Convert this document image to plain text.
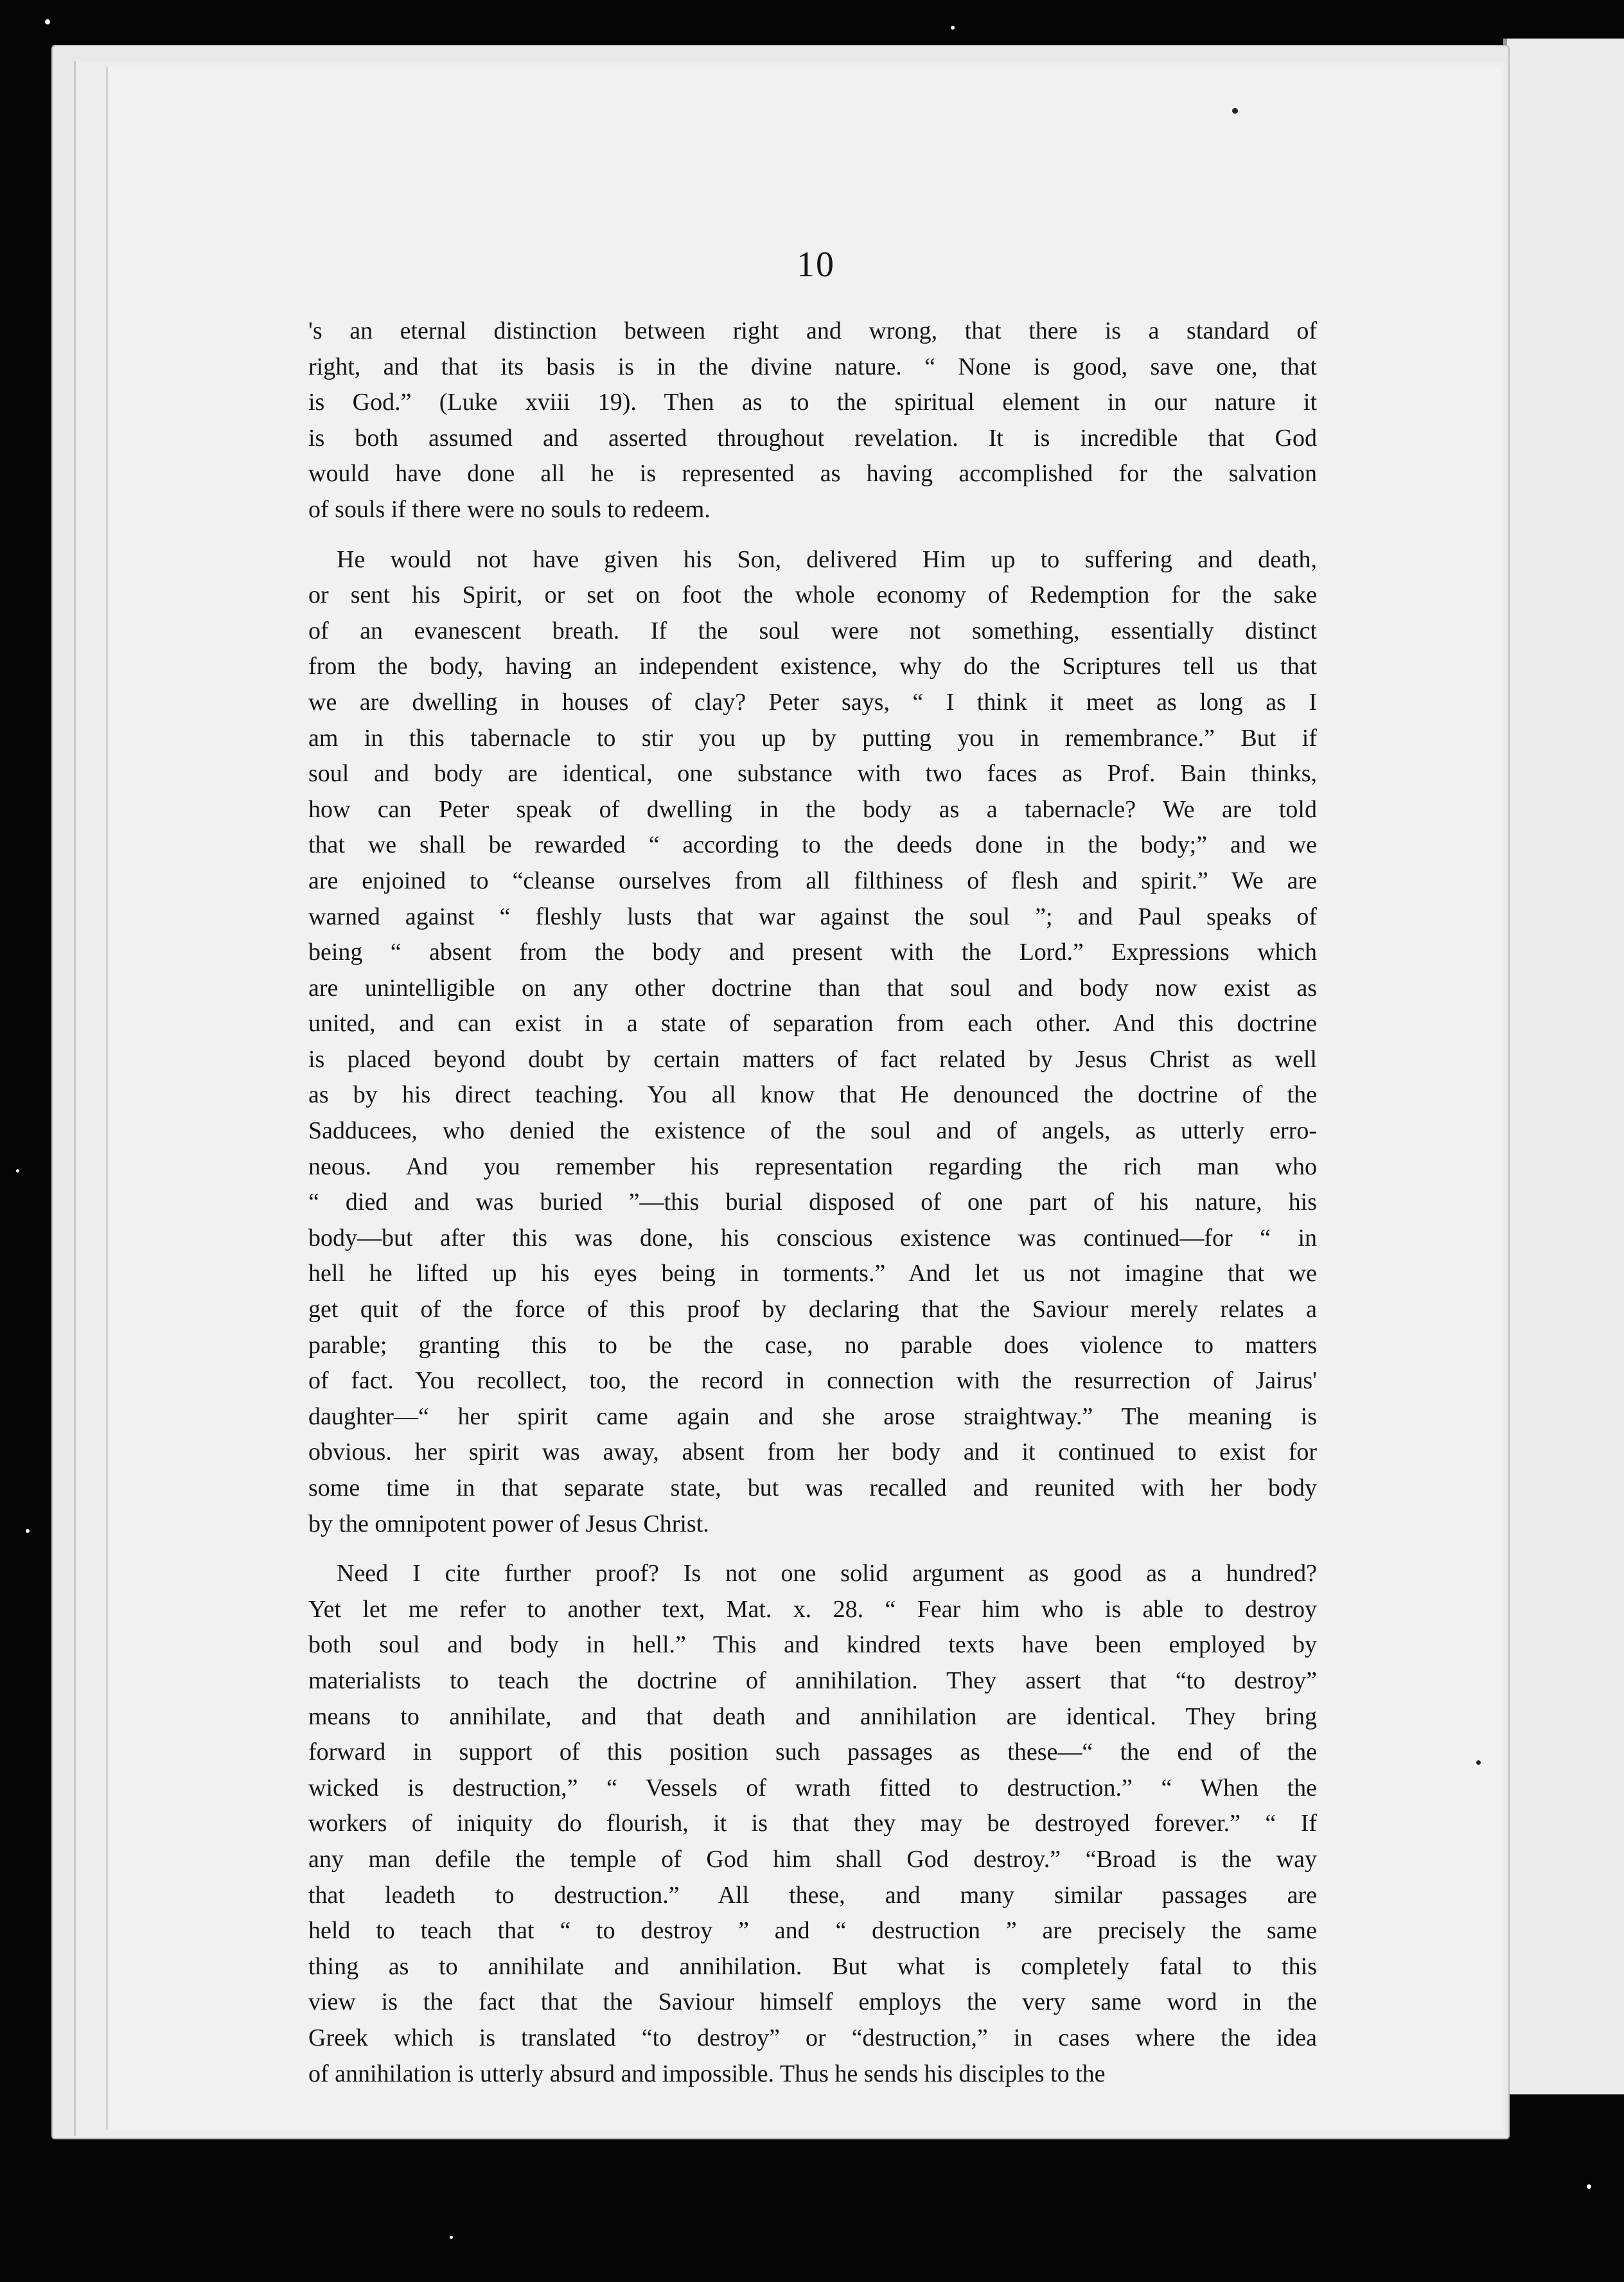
10
's an eternal distinction between right and wrong, that there is a standard of
right, and that its basis is in the divine nature. “ None is good, save one, that
is God.” (Luke xviii 19). Then as to the spiritual element in our nature it
is both assumed and asserted throughout revelation. It is incredible that God
would have done all he is represented as having accomplished for the salvation
of souls if there were no souls to redeem.
He would not have given his Son, delivered Him up to suffering and death,
or sent his Spirit, or set on foot the whole economy of Redemption for the sake
of an evanescent breath. If the soul were not something, essentially distinct
from the body, having an independent existence, why do the Scriptures tell us that
we are dwelling in houses of clay? Peter says, “ I think it meet as long as I
am in this tabernacle to stir you up by putting you in remembrance.” But if
soul and body are identical, one substance with two faces as Prof. Bain thinks,
how can Peter speak of dwelling in the body as a tabernacle? We are told
that we shall be rewarded “ according to the deeds done in the body;” and we
are enjoined to “cleanse ourselves from all filthiness of flesh and spirit.” We are
warned against “ fleshly lusts that war against the soul ”; and Paul speaks of
being “ absent from the body and present with the Lord.” Expressions which
are unintelligible on any other doctrine than that soul and body now exist as
united, and can exist in a state of separation from each other. And this doctrine
is placed beyond doubt by certain matters of fact related by Jesus Christ as well
as by his direct teaching. You all know that He denounced the doctrine of the
Sadducees, who denied the existence of the soul and of angels, as utterly erro-
neous. And you remember his representation regarding the rich man who
“ died and was buried ”—this burial disposed of one part of his nature, his
body—but after this was done, his conscious existence was continued—for “ in
hell he lifted up his eyes being in torments.” And let us not imagine that we
get quit of the force of this proof by declaring that the Saviour merely relates a
parable; granting this to be the case, no parable does violence to matters
of fact. You recollect, too, the record in connection with the resurrection of Jairus'
daughter—“ her spirit came again and she arose straightway.” The meaning is
obvious. her spirit was away, absent from her body and it continued to exist for
some time in that separate state, but was recalled and reunited with her body
by the omnipotent power of Jesus Christ.
Need I cite further proof? Is not one solid argument as good as a hundred?
Yet let me refer to another text, Mat. x. 28. “ Fear him who is able to destroy
both soul and body in hell.” This and kindred texts have been employed by
materialists to teach the doctrine of annihilation. They assert that “to destroy”
means to annihilate, and that death and annihilation are identical. They bring
forward in support of this position such passages as these—“ the end of the
wicked is destruction,” “ Vessels of wrath fitted to destruction.” “ When the
workers of iniquity do flourish, it is that they may be destroyed forever.” “ If
any man defile the temple of God him shall God destroy.” “Broad is the way
that leadeth to destruction.” All these, and many similar passages are
held to teach that “ to destroy ” and “ destruction ” are precisely the same
thing as to annihilate and annihilation. But what is completely fatal to this
view is the fact that the Saviour himself employs the very same word in the
Greek which is translated “to destroy” or “destruction,” in cases where the idea
of annihilation is utterly absurd and impossible. Thus he sends his disciples to the
